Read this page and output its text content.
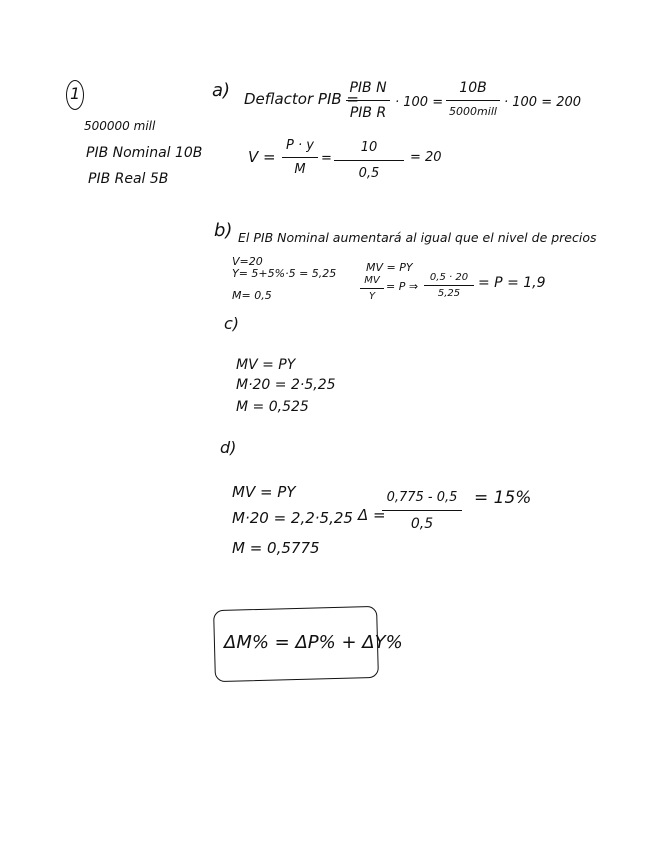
1
500000 mill
PIB Nominal 10B
PIB Real 5B
a) Deflactor PIB =
PIB N
PIB R
· 100 =
10B
5000mill
· 100 = 200
V =
P · y
M
=
10
0,5
= 20
b) El PIB Nominal aumentará al igual que el nivel de precios
V=20
Y= 5+5%·5 = 5,25
M= 0,5
MV = PY
MV
Y
= P ⇒
0,5 · 20
5,25
= P = 1,9
c)
MV = PY
M·20 = 2·5,25
M = 0,525
d)
MV = PY
M·20 = 2,2·5,25
M = 0,5775
Δ =
0,775 - 0,5
0,5
= 15%
ΔM% = ΔP% + ΔY%
